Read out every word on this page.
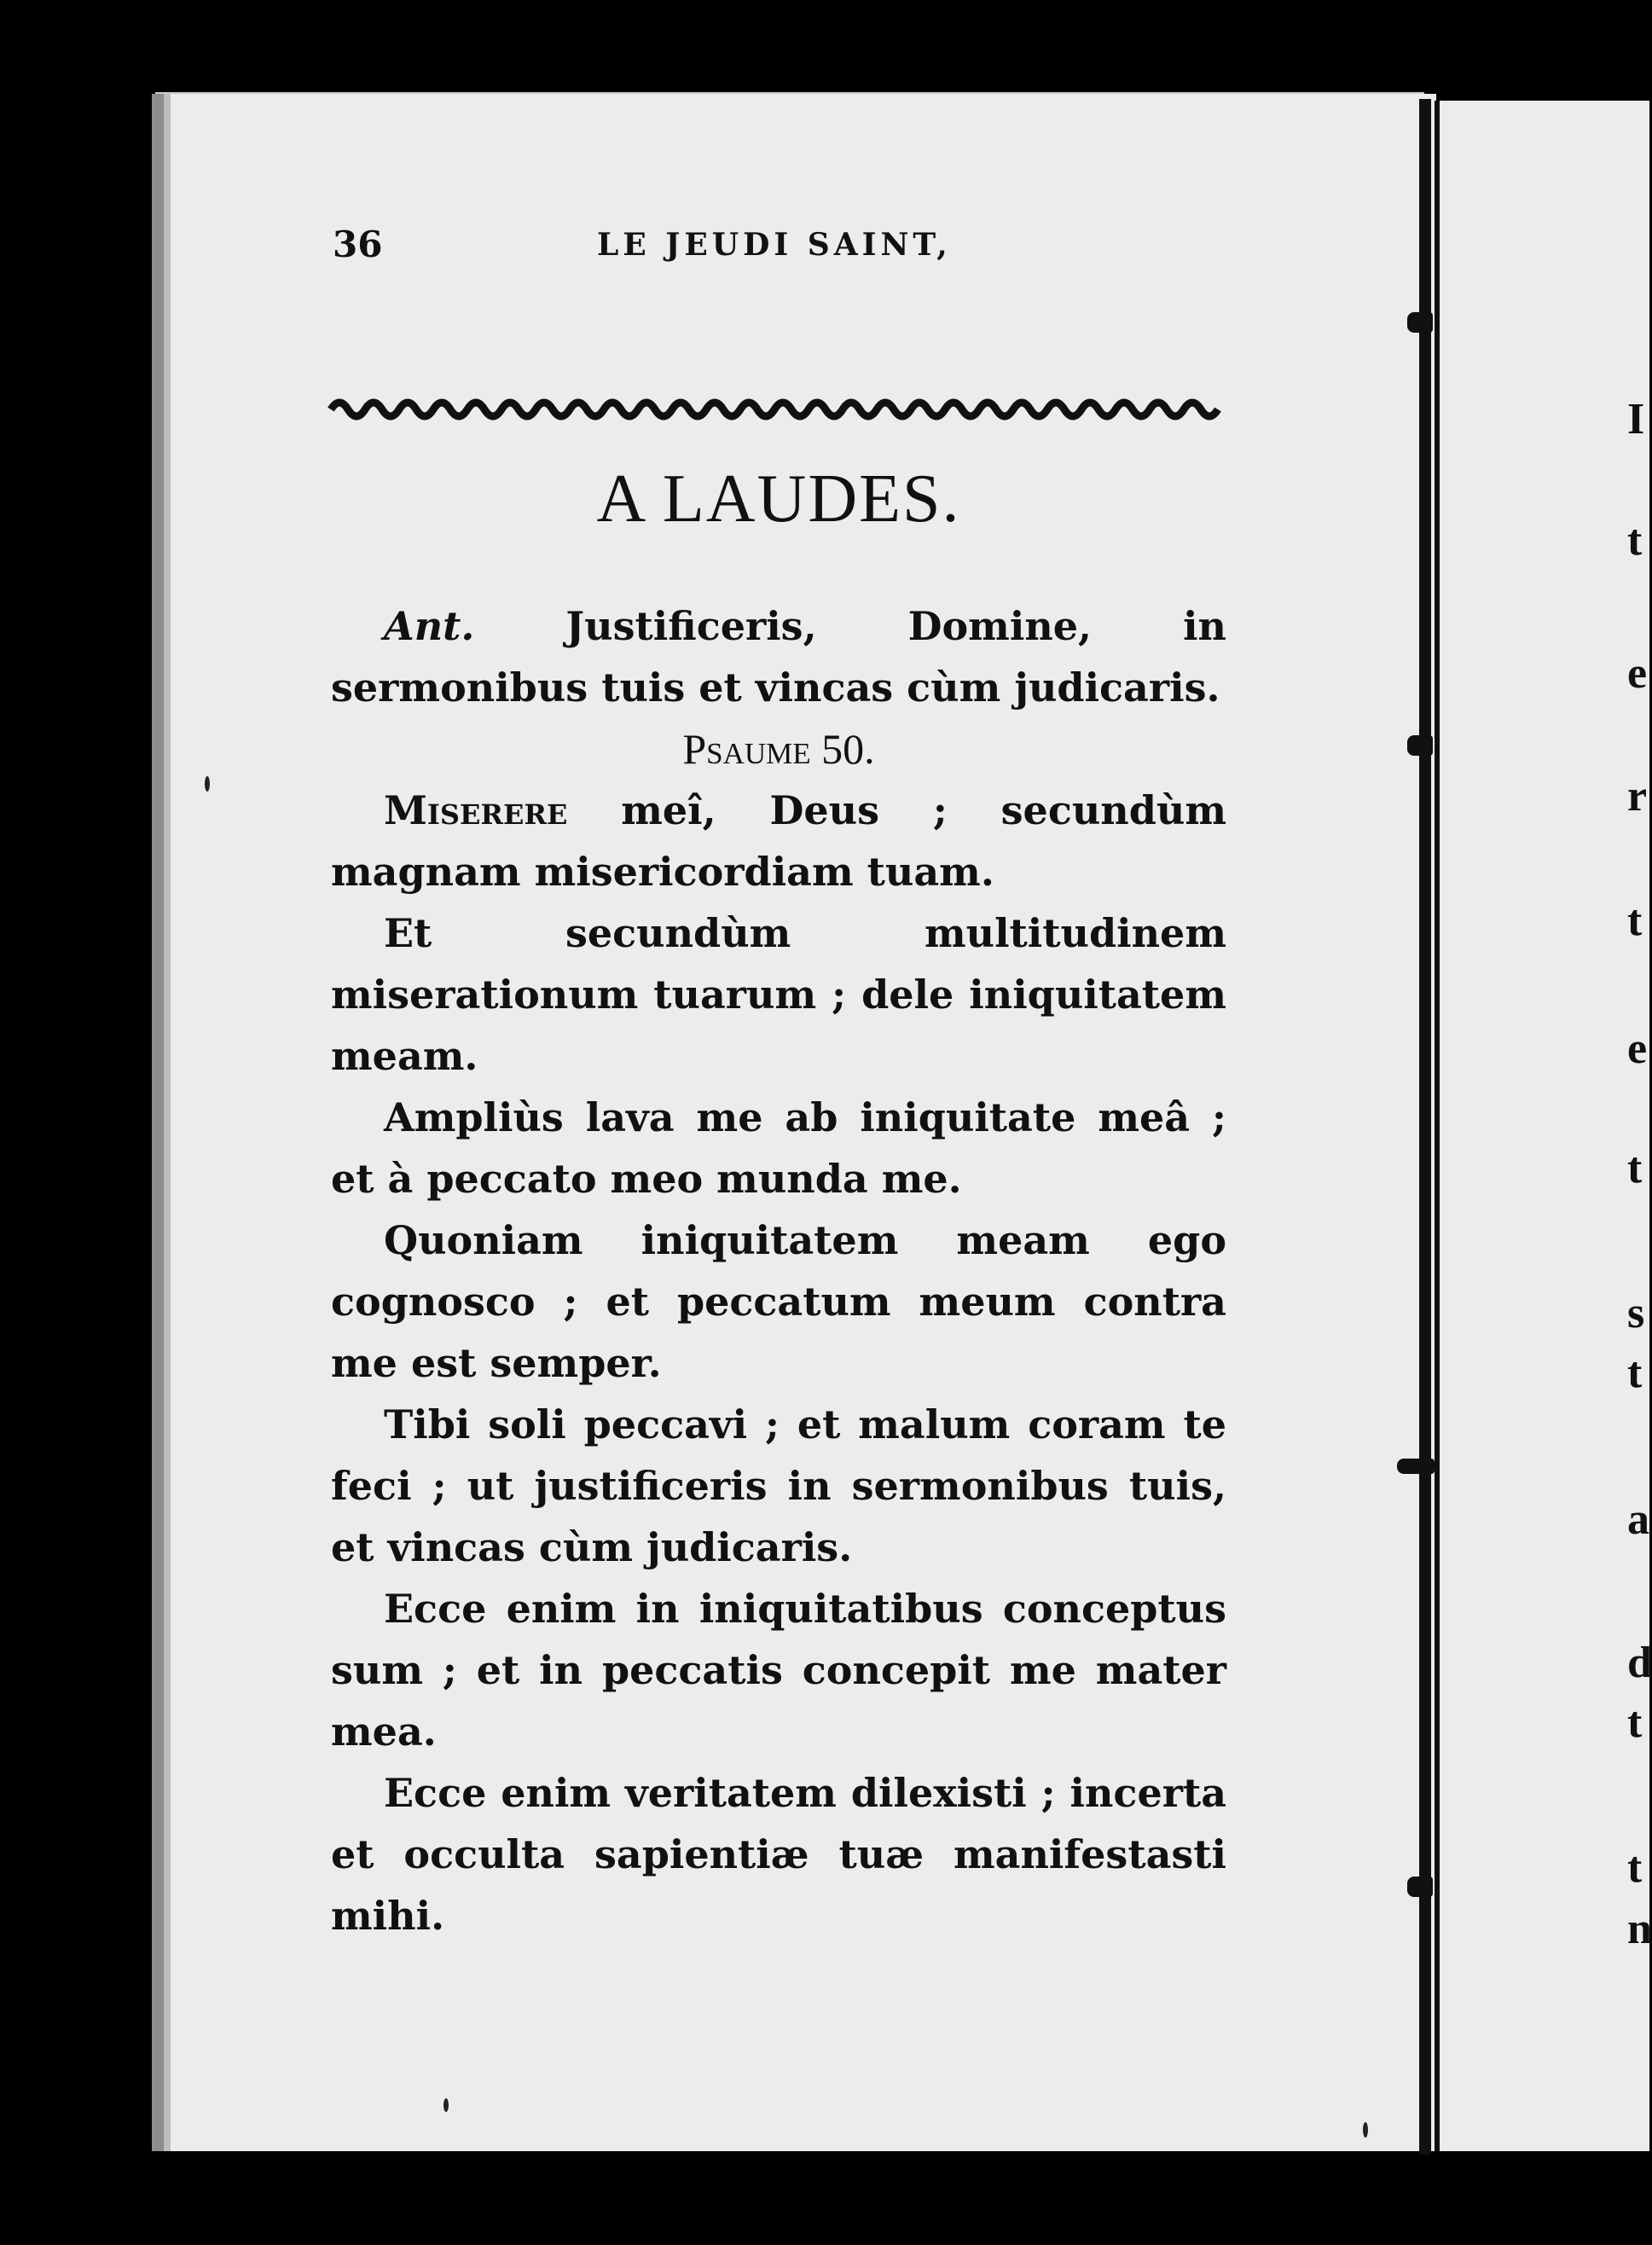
I
t
e
r
t
e
t
s
t
a
d
t
t
n
36	LE JEUDI SAINT,
A LAUDES.

Ant. Justificeris, Domine, in sermonibus tuis et vincas cùm judicaris.

Psaume 50.

Miserere meî, Deus ; secundùm magnam misericordiam tuam.

Et secundùm multitudinem miserationum tuarum ; dele iniquitatem meam.

Ampliùs lava me ab iniquitate meâ ; et à peccato meo munda me.

Quoniam iniquitatem meam ego cognosco ; et peccatum meum contra me est semper.

Tibi soli peccavi ; et malum coram te feci ; ut justificeris in sermonibus tuis, et vincas cùm judicaris.

Ecce enim in iniquitatibus conceptus sum ; et in peccatis concepit me mater mea.

Ecce enim veritatem dilexisti ; incerta et occulta sapientiæ tuæ manifestasti mihi.
